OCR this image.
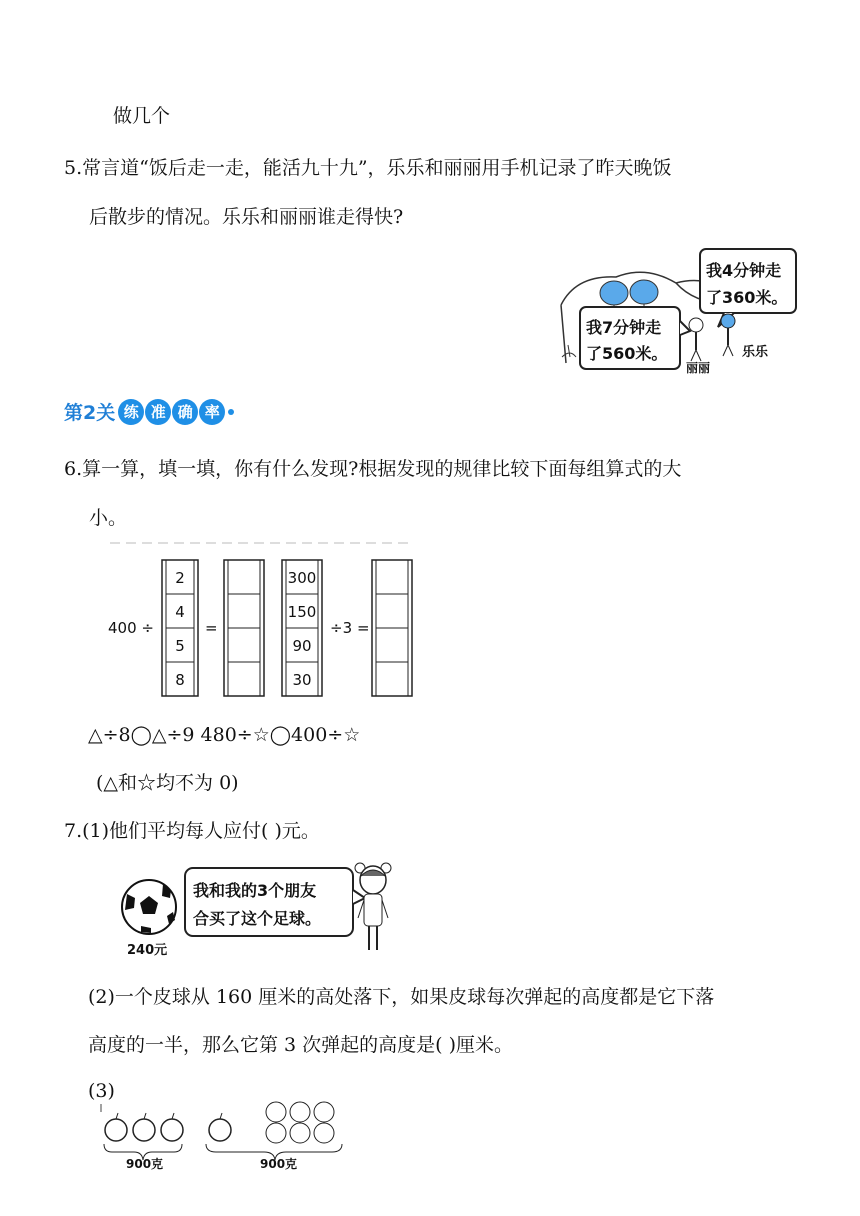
做几个
5.常言道“饭后走一走，能活九十九”，乐乐和丽丽用手机记录了昨天晚饭
后散步的情况。乐乐和丽丽谁走得快?
我4分钟走
了360米。
我7分钟走
了560米。	乐乐
丽丽
第2关 练 准 确 率
6.算一算，填一填，你有什么发现?根据发现的规律比较下面每组算式的大
小。
400 ÷
2
4
5
8
=
300
150
90
30
÷3 =
△÷8◯△÷9 480÷☆◯400÷☆
(△和☆均不为 0)
7.(1)他们平均每人应付( )元。
240元
我和我的3个朋友
合买了这个足球。
(2)一个皮球从 160 厘米的高处落下，如果皮球每次弹起的高度都是它下落
高度的一半，那么它第 3 次弹起的高度是( )厘米。
(3)
900克	900克
